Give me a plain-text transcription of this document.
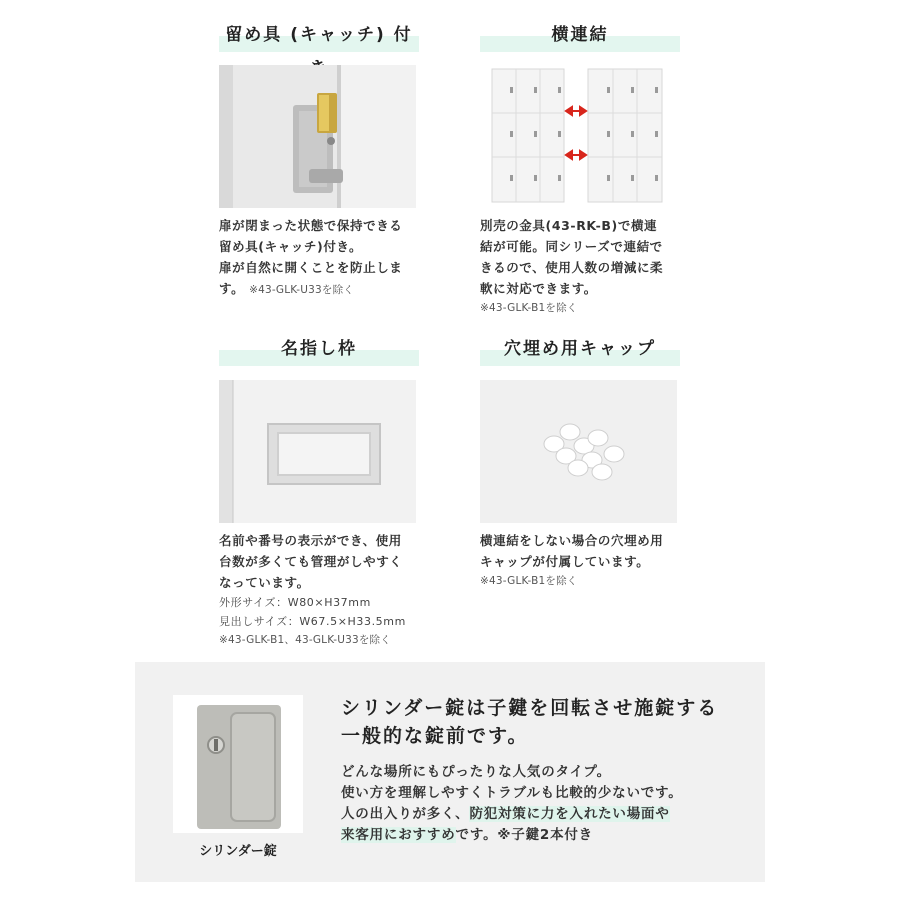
留め具 (キャッチ) 付
扉が閉まった状態で保持できる
留め具(キャッチ)付き。
扉が自然に開くことを防止しま
す。 ※43-GLK-U33を除く
横連結
別売の金具(43-RK-B)で横連
結が可能。同シリーズで連結で
きるので、使用人数の増減に柔
軟に対応できます。
※43-GLK-B1を除く
名指し枠
名前や番号の表示ができ、使用
台数が多くても管理がしやすく
なっています。
外形サイズ：W80×H37mm
見出しサイズ：W67.5×H33.5mm
※43-GLK-B1、43-GLK-U33を除く
穴埋め用キャップ
横連結をしない場合の穴埋め用
キャップが付属しています。
※43-GLK-B1を除く
シリンダー錠
シリンダー錠は子鍵を回転させ施錠する
一般的な錠前です。
どんな場所にもぴったりな人気のタイプ。
使い方を理解しやすくトラブルも比較的少ないです。
人の出入りが多く、防犯対策に力を入れたい場面や
来客用におすすめです。※子鍵2本付き
